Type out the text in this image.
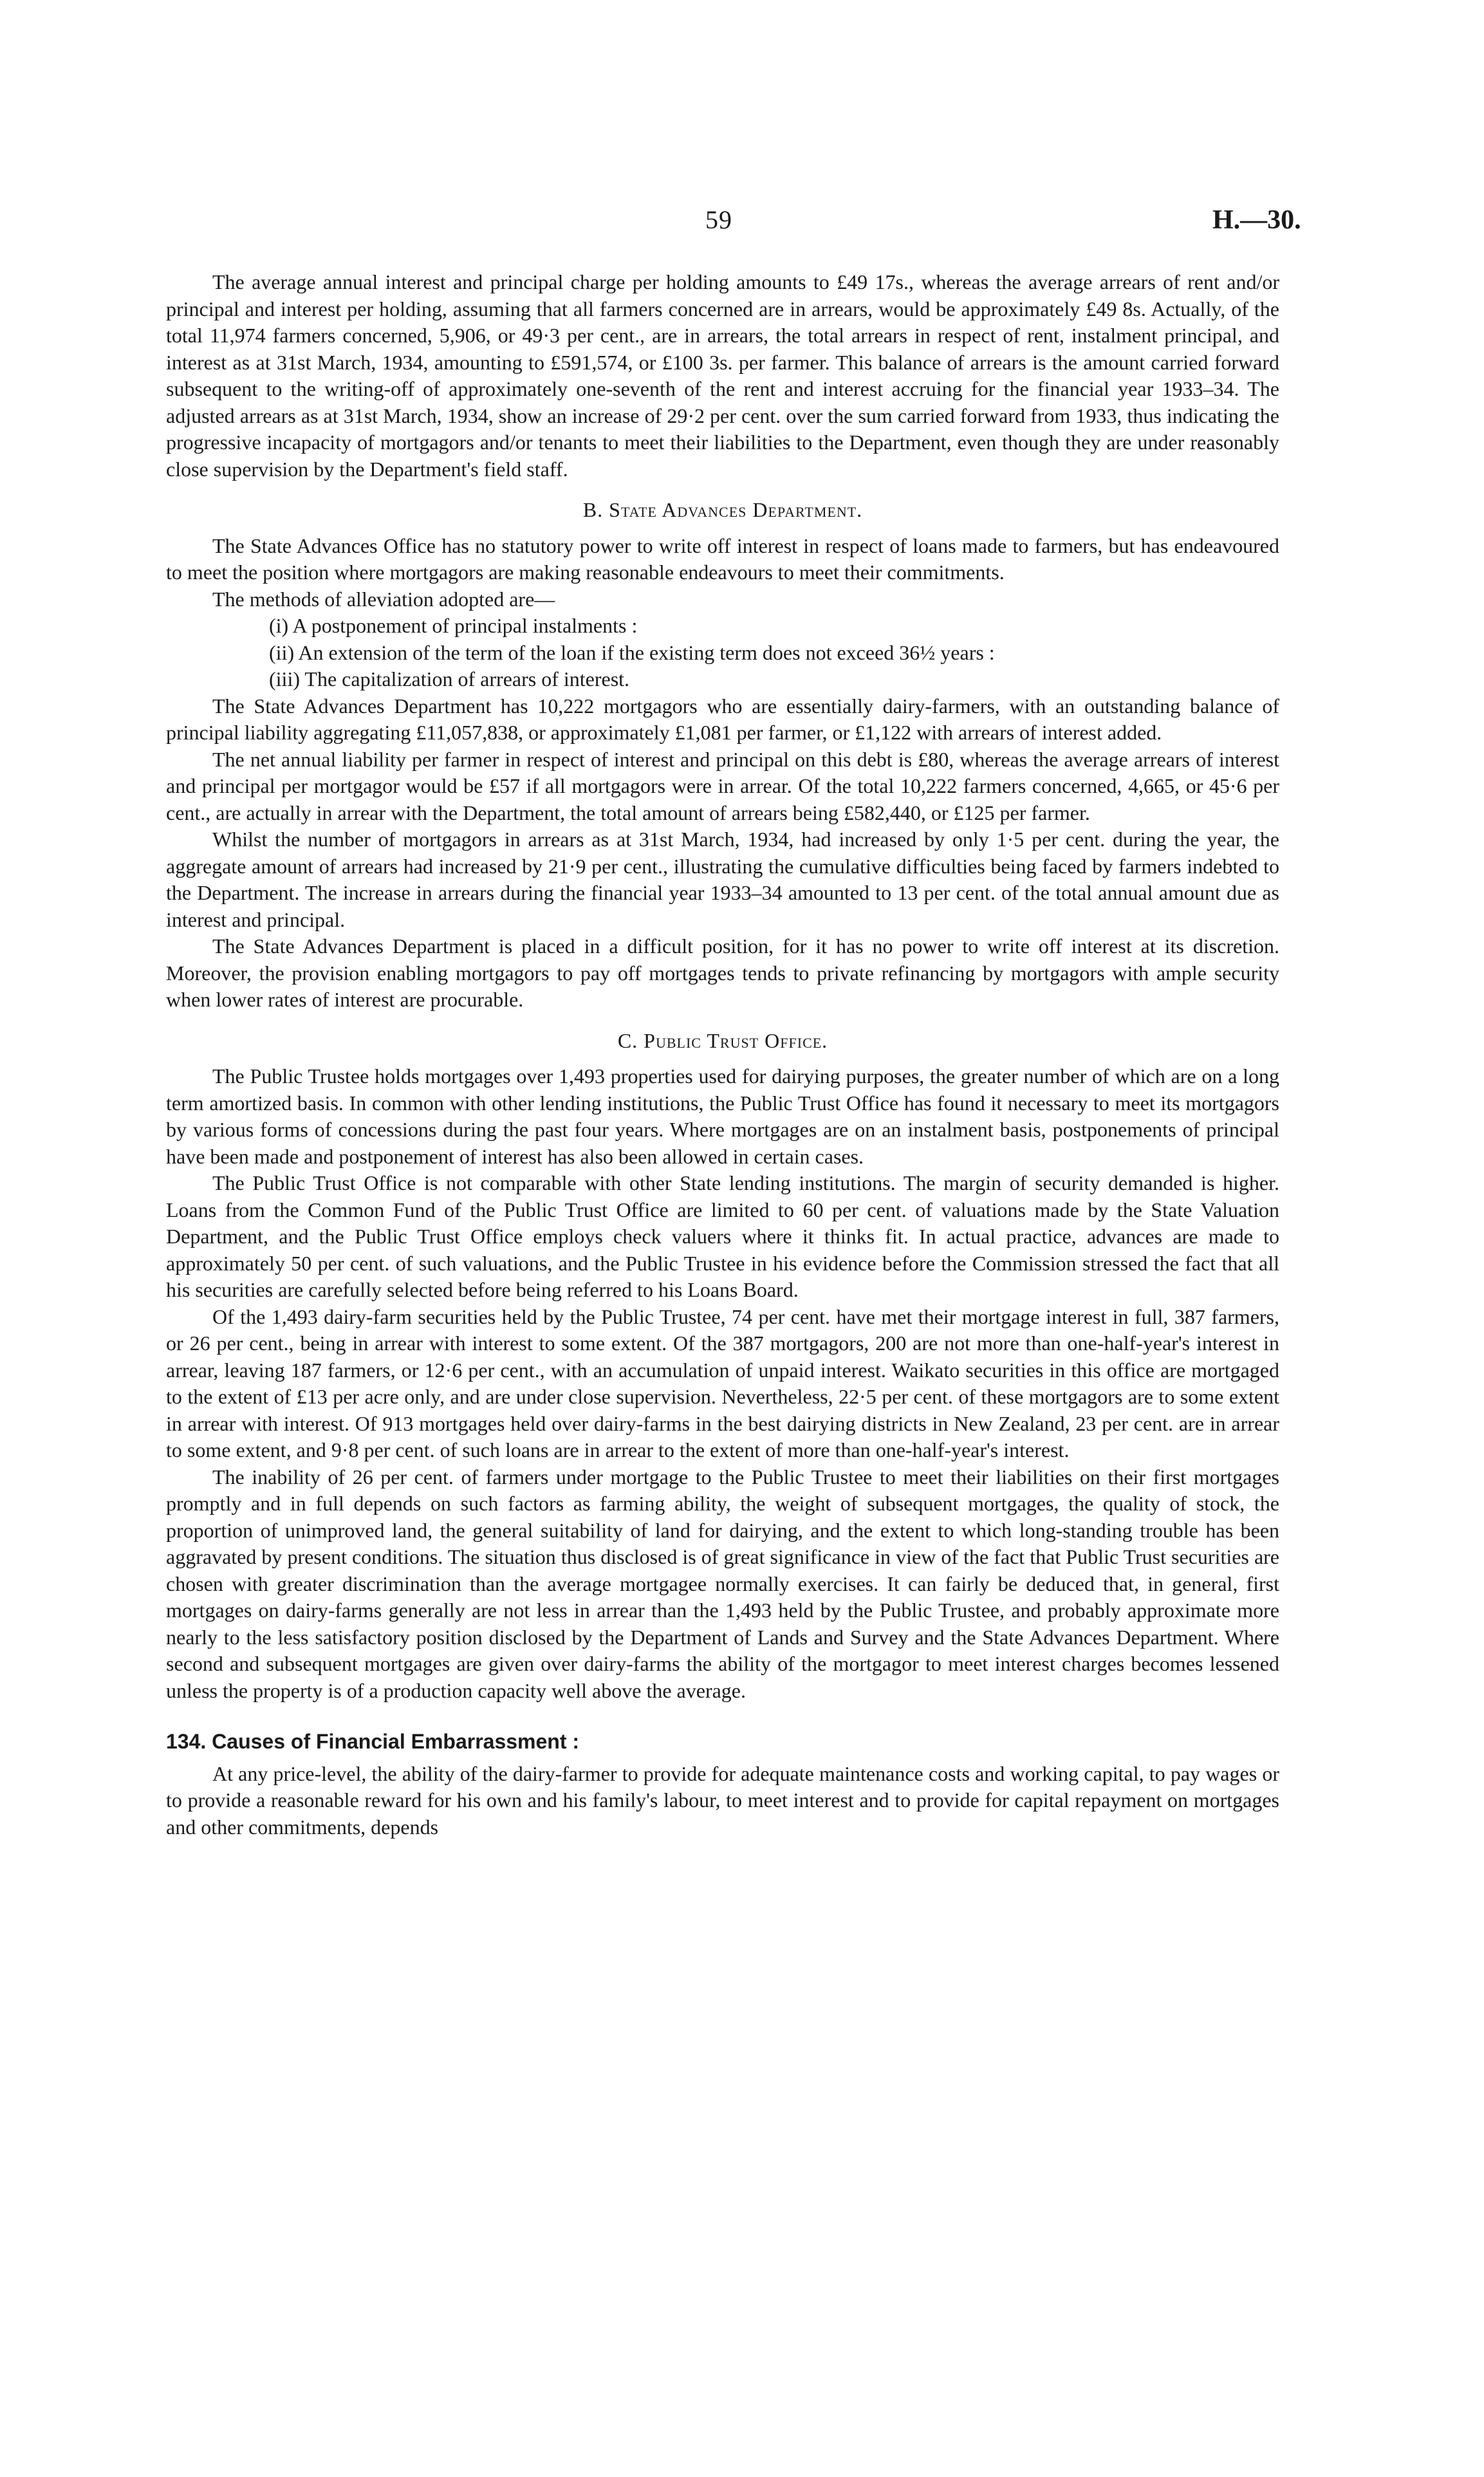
59	H.—30.

The average annual interest and principal charge per holding amounts to £49 17s., whereas the average arrears of rent and/or principal and interest per holding, assuming that all farmers concerned are in arrears, would be approximately £49 8s. Actually, of the total 11,974 farmers concerned, 5,906, or 49·3 per cent., are in arrears, the total arrears in respect of rent, instalment principal, and interest as at 31st March, 1934, amounting to £591,574, or £100 3s. per farmer. This balance of arrears is the amount carried forward subsequent to the writing-off of approximately one-seventh of the rent and interest accruing for the financial year 1933–34. The adjusted arrears as at 31st March, 1934, show an increase of 29·2 per cent. over the sum carried forward from 1933, thus indicating the progressive incapacity of mortgagors and/or tenants to meet their liabilities to the Department, even though they are under reasonably close supervision by the Department's field staff.

B. State Advances Department.

The State Advances Office has no statutory power to write off interest in respect of loans made to farmers, but has endeavoured to meet the position where mortgagors are making reasonable endeavours to meet their commitments.

The methods of alleviation adopted are—

(i) A postponement of principal instalments :
(ii) An extension of the term of the loan if the existing term does not exceed 36½ years :
(iii) The capitalization of arrears of interest.

The State Advances Department has 10,222 mortgagors who are essentially dairy-farmers, with an outstanding balance of principal liability aggregating £11,057,838, or approximately £1,081 per farmer, or £1,122 with arrears of interest added.

The net annual liability per farmer in respect of interest and principal on this debt is £80, whereas the average arrears of interest and principal per mortgagor would be £57 if all mortgagors were in arrear. Of the total 10,222 farmers concerned, 4,665, or 45·6 per cent., are actually in arrear with the Department, the total amount of arrears being £582,440, or £125 per farmer.

Whilst the number of mortgagors in arrears as at 31st March, 1934, had increased by only 1·5 per cent. during the year, the aggregate amount of arrears had increased by 21·9 per cent., illustrating the cumulative difficulties being faced by farmers indebted to the Department. The increase in arrears during the financial year 1933–34 amounted to 13 per cent. of the total annual amount due as interest and principal.

The State Advances Department is placed in a difficult position, for it has no power to write off interest at its discretion. Moreover, the provision enabling mortgagors to pay off mortgages tends to private refinancing by mortgagors with ample security when lower rates of interest are procurable.

C. Public Trust Office.

The Public Trustee holds mortgages over 1,493 properties used for dairying purposes, the greater number of which are on a long term amortized basis. In common with other lending institutions, the Public Trust Office has found it necessary to meet its mortgagors by various forms of concessions during the past four years. Where mortgages are on an instalment basis, postponements of principal have been made and postponement of interest has also been allowed in certain cases.

The Public Trust Office is not comparable with other State lending institutions. The margin of security demanded is higher. Loans from the Common Fund of the Public Trust Office are limited to 60 per cent. of valuations made by the State Valuation Department, and the Public Trust Office employs check valuers where it thinks fit. In actual practice, advances are made to approximately 50 per cent. of such valuations, and the Public Trustee in his evidence before the Commission stressed the fact that all his securities are carefully selected before being referred to his Loans Board.

Of the 1,493 dairy-farm securities held by the Public Trustee, 74 per cent. have met their mortgage interest in full, 387 farmers, or 26 per cent., being in arrear with interest to some extent. Of the 387 mortgagors, 200 are not more than one-half-year's interest in arrear, leaving 187 farmers, or 12·6 per cent., with an accumulation of unpaid interest. Waikato securities in this office are mortgaged to the extent of £13 per acre only, and are under close supervision. Nevertheless, 22·5 per cent. of these mortgagors are to some extent in arrear with interest. Of 913 mortgages held over dairy-farms in the best dairying districts in New Zealand, 23 per cent. are in arrear to some extent, and 9·8 per cent. of such loans are in arrear to the extent of more than one-half-year's interest.

The inability of 26 per cent. of farmers under mortgage to the Public Trustee to meet their liabilities on their first mortgages promptly and in full depends on such factors as farming ability, the weight of subsequent mortgages, the quality of stock, the proportion of unimproved land, the general suitability of land for dairying, and the extent to which long-standing trouble has been aggravated by present conditions. The situation thus disclosed is of great significance in view of the fact that Public Trust securities are chosen with greater discrimination than the average mortgagee normally exercises. It can fairly be deduced that, in general, first mortgages on dairy-farms generally are not less in arrear than the 1,493 held by the Public Trustee, and probably approximate more nearly to the less satisfactory position disclosed by the Department of Lands and Survey and the State Advances Department. Where second and subsequent mortgages are given over dairy-farms the ability of the mortgagor to meet interest charges becomes lessened unless the property is of a production capacity well above the average.

134. Causes of Financial Embarrassment :

At any price-level, the ability of the dairy-farmer to provide for adequate maintenance costs and working capital, to pay wages or to provide a reasonable reward for his own and his family's labour, to meet interest and to provide for capital repayment on mortgages and other commitments, depends
